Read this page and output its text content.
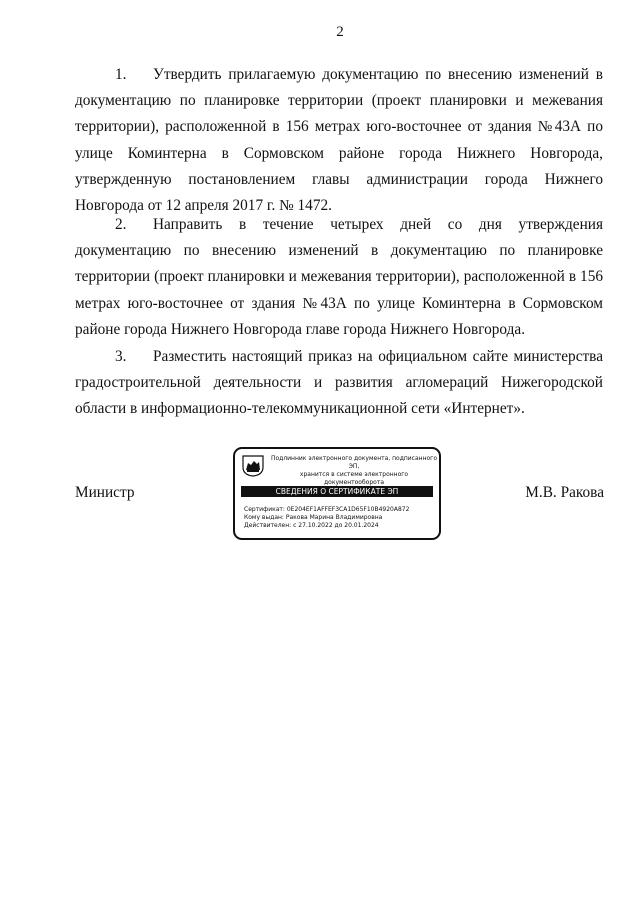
2

1. Утвердить прилагаемую документацию по внесению изменений в документацию по планировке территории (проект планировки и межевания территории), расположенной в 156 метрах юго-восточнее от здания №43А по улице Коминтерна в Сормовском районе города Нижнего Новгорода, утвержденную постановлением главы администрации города Нижнего Новгорода от 12 апреля 2017 г. № 1472.

2. Направить в течение четырех дней со дня утверждения документацию по внесению изменений в документацию по планировке территории (проект планировки и межевания территории), расположенной в 156 метрах юго-восточнее от здания №43А по улице Коминтерна в Сормовском районе города Нижнего Новгорода главе города Нижнего Новгорода.

3. Разместить настоящий приказ на официальном сайте министерства градостроительной деятельности и развития агломераций Нижегородской области в информационно-телекоммуникационной сети «Интернет».

Министр	М.В. Ракова
Подлинник электронного документа, подписанного ЭП,
хранится в системе электронного документооборота
СВЕДЕНИЯ О СЕРТИФИКАТЕ ЭП
Сертификат: 0E204EF1AFFEF3CA1D65F10B4920A872
Кому выдан: Ракова Марина Владимировна
Действителен: с 27.10.2022 до 20.01.2024
